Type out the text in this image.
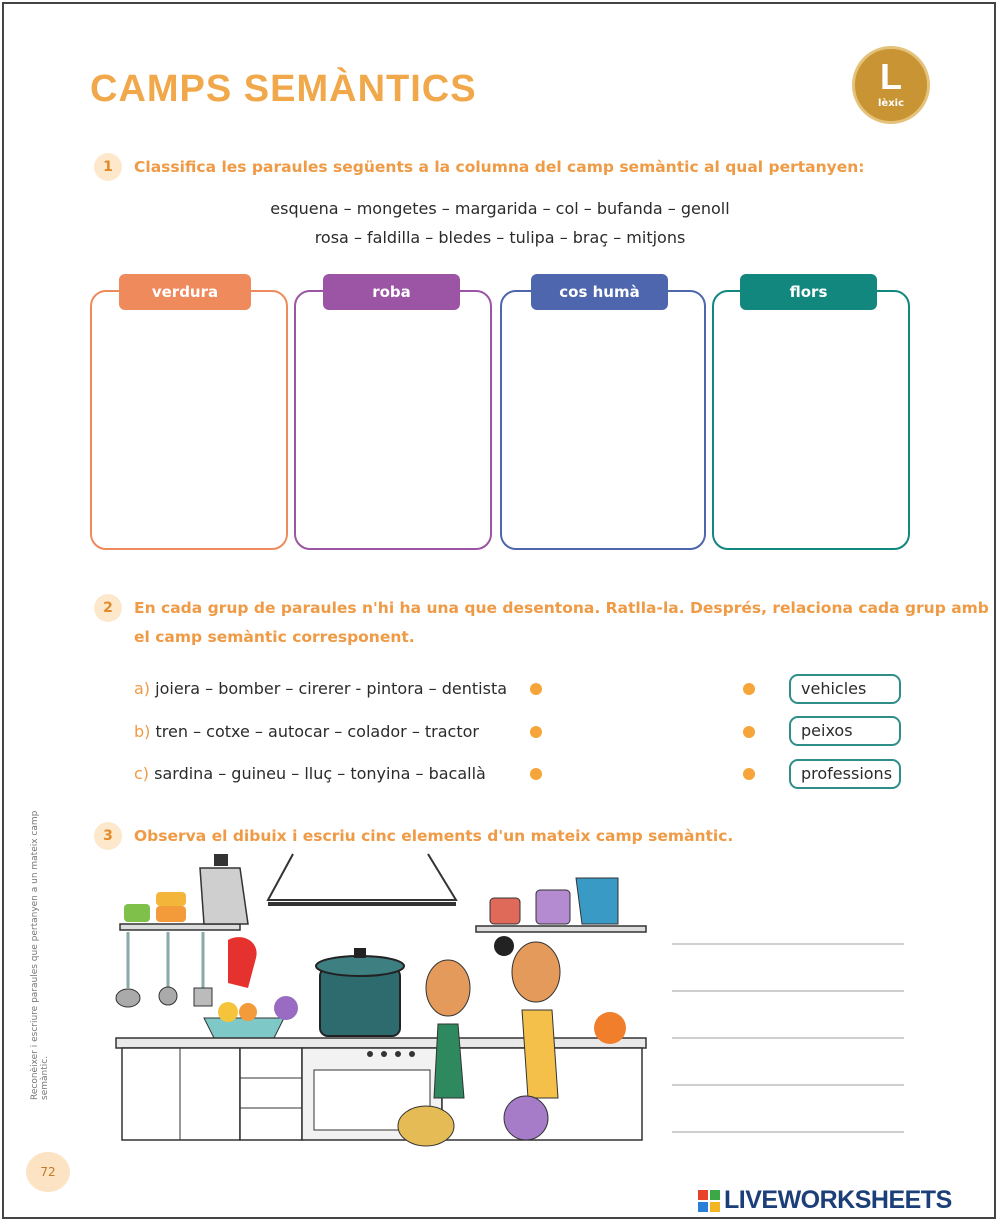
CAMPS SEMÀNTICS	L
lèxic
1	Classifica les paraules següents a la columna del camp semàntic al qual pertanyen:
esquena – mongetes – margarida – col – bufanda – genoll
rosa – faldilla – bledes – tulipa – braç – mitjons
verdura	roba	cos humà	flors
2	En cada grup de paraules n'hi ha una que desentona. Ratlla-la. Després, relaciona cada grup amb
el camp semàntic corresponent.
a) joiera – bomber – cirerer - pintora – dentista
b) tren – cotxe – autocar – colador – tractor
c) sardina – guineu – lluç – tonyina – bacallà
vehicles
peixos
professions
3	Observa el dibuix i escriu cinc elements d'un mateix camp semàntic.
Reconèixer i escriure paraules que pertanyen a un mateix camp semàntic.
72
LIVEWORKSHEETS
